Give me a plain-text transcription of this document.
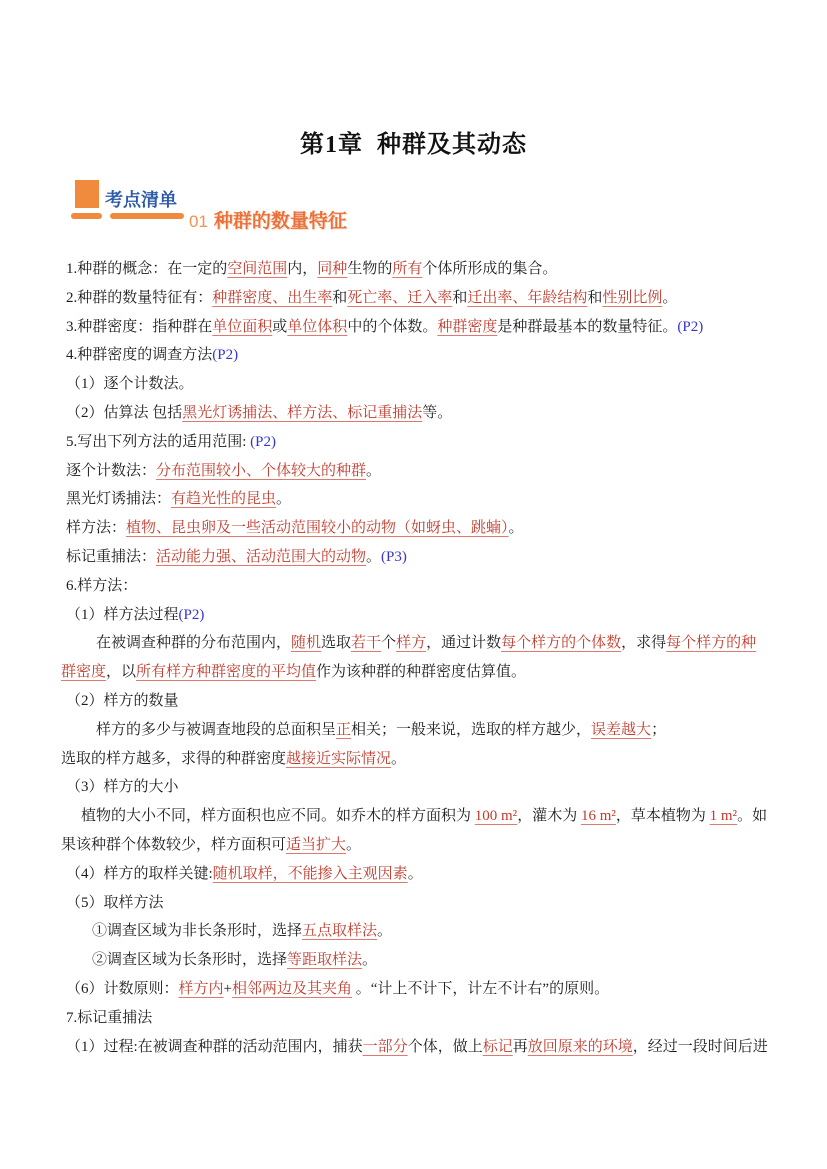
第1章  种群及其动态
考点清单
01 种群的数量特征

1.种群的概念：在一定的空间范围内，同种生物的所有个体所形成的集合。

2.种群的数量特征有：种群密度、出生率和死亡率、迁入率和迁出率、年龄结构和性别比例。

3.种群密度：指种群在单位面积或单位体积中的个体数。种群密度是种群最基本的数量特征。(P2)

4.种群密度的调查方法(P2)

（1）逐个计数法。

（2）估算法 包括黑光灯诱捕法、样方法、标记重捕法等。

5.写出下列方法的适用范围: (P2)

逐个计数法：分布范围较小、个体较大的种群。

黑光灯诱捕法：有趋光性的昆虫。

样方法：植物、昆虫卵及一些活动范围较小的动物（如蚜虫、跳蝻）。

标记重捕法：活动能力强、活动范围大的动物。(P3)

6.样方法：

（1）样方法过程(P2)

在被调查种群的分布范围内，随机选取若干个样方，通过计数每个样方的个体数，求得每个样方的种

群密度，以所有样方种群密度的平均值作为该种群的种群密度估算值。

（2）样方的数量

样方的多少与被调查地段的总面积呈正相关；一般来说，选取的样方越少，误差越大；

选取的样方越多，求得的种群密度越接近实际情况。

（3）样方的大小

植物的大小不同，样方面积也应不同。如乔木的样方面积为 100 m²，灌木为 16 m²，草本植物为 1 m²。如

果该种群个体数较少，样方面积可适当扩大。

（4）样方的取样关键:随机取样，不能掺入主观因素。

（5）取样方法

①调查区域为非长条形时，选择五点取样法。

②调查区域为长条形时，选择等距取样法。

（6）计数原则：样方内+相邻两边及其夹角 。“计上不计下，计左不计右”的原则。

7.标记重捕法

（1）过程:在被调查种群的活动范围内，捕获一部分个体，做上标记再放回原来的环境，经过一段时间后进
